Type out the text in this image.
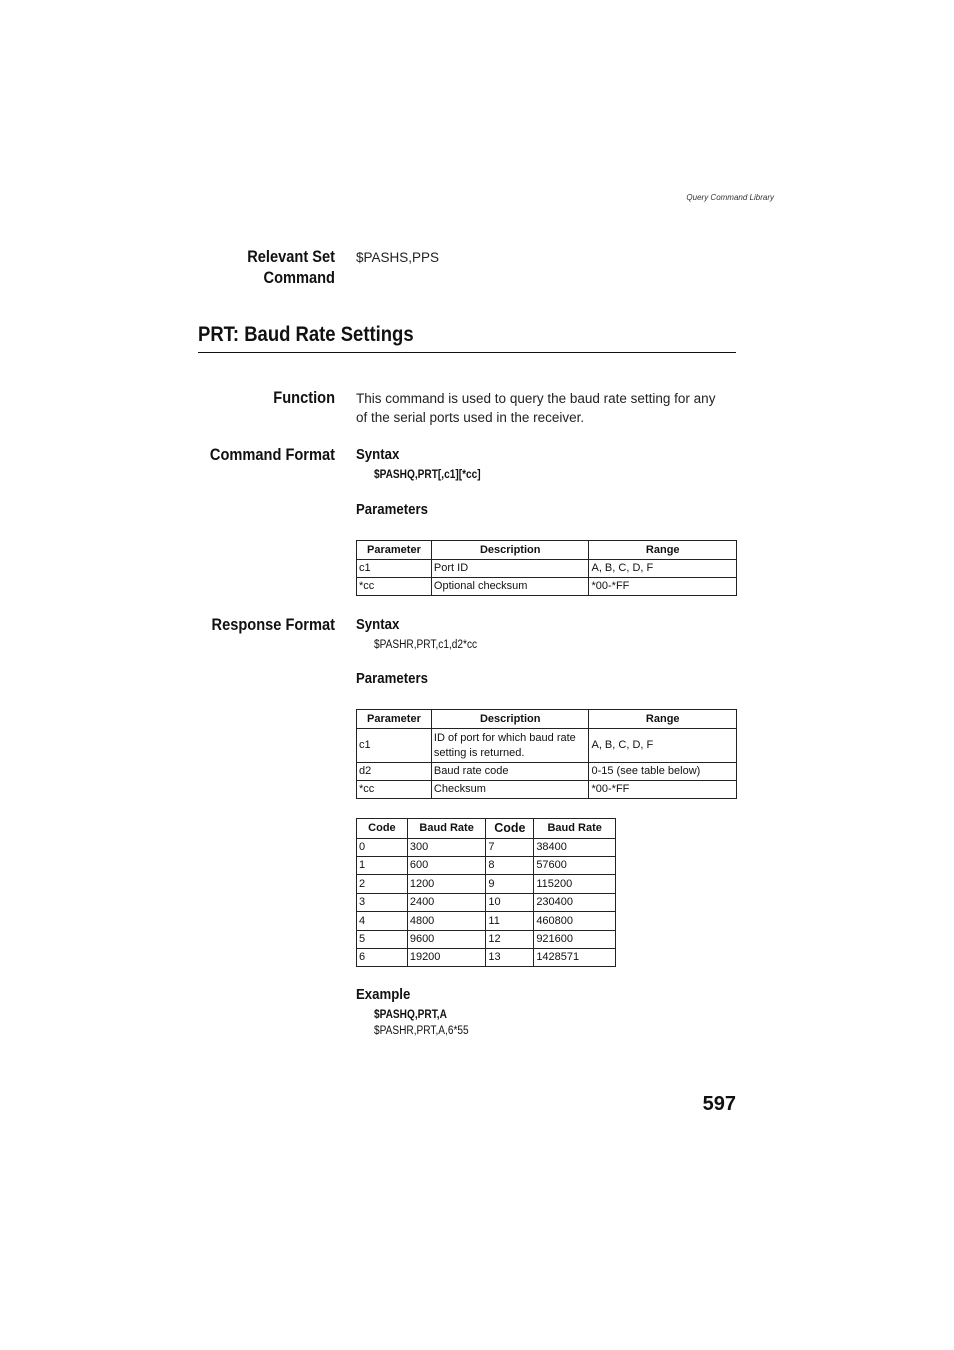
Query Command Library
Relevant Set
Command
$PASHS,PPS
PRT: Baud Rate Settings
Function This command is used to query the baud rate setting for any
of the serial ports used in the receiver.
Command Format Syntax
$PASHQ,PRT[,c1][*cc]
Parameters
Parameter	Description	Range
c1	Port ID	A, B, C, D, F
*cc	Optional checksum	*00-*FF
Response Format Syntax
$PASHR,PRT,c1,d2*cc
Parameters
Parameter	Description	Range
c1	ID of port for which baud rate setting is returned.	A, B, C, D, F
d2	Baud rate code	0-15 (see table below)
*cc	Checksum	*00-*FF
Code	Baud Rate	Code	Baud Rate
0	300	7	38400
1	600	8	57600
2	1200	9	115200
3	2400	10	230400
4	4800	11	460800
5	9600	12	921600
6	19200	13	1428571
Example
$PASHQ,PRT,A
$PASHR,PRT,A,6*55
597
